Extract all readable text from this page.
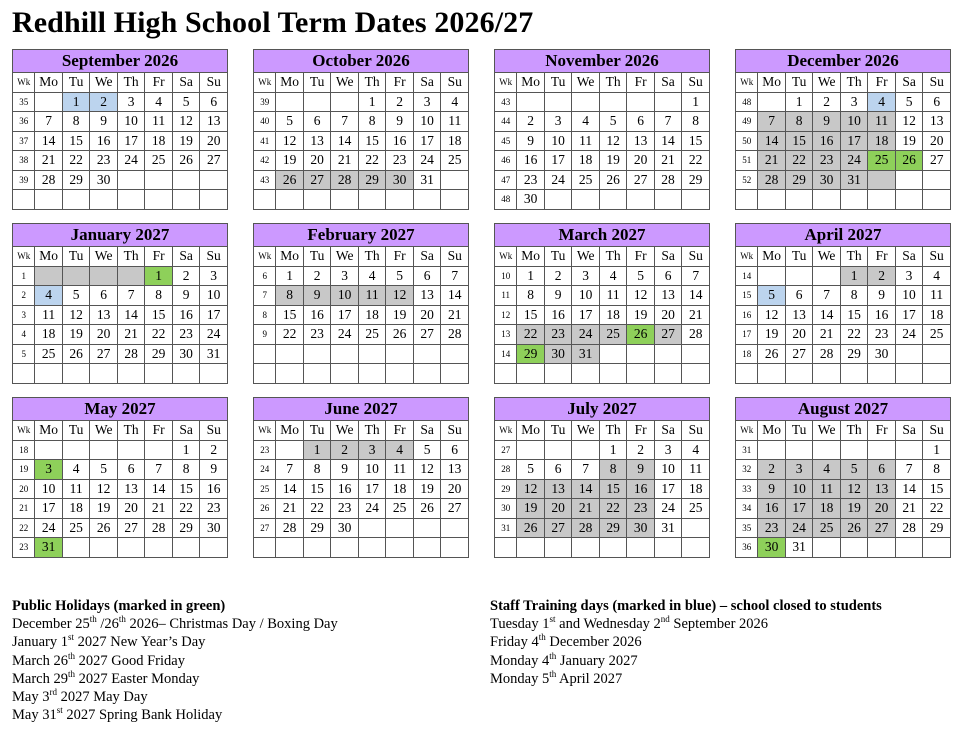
Redhill High School Term Dates 2026/27
September 2026							
Wk	Mo	Tu	We	Th	Fr	Sa	Su
35		1	2	3	4	5	6
36	7	8	9	10	11	12	13
37	14	15	16	17	18	19	20
38	21	22	23	24	25	26	27
39	28	29	30				

October 2026							
Wk	Mo	Tu	We	Th	Fr	Sa	Su
39				1	2	3	4
40	5	6	7	8	9	10	11
41	12	13	14	15	16	17	18
42	19	20	21	22	23	24	25
43	26	27	28	29	30	31	

November 2026							
Wk	Mo	Tu	We	Th	Fr	Sa	Su
43							1
44	2	3	4	5	6	7	8
45	9	10	11	12	13	14	15
46	16	17	18	19	20	21	22
47	23	24	25	26	27	28	29
48	30						
December 2026							
Wk	Mo	Tu	We	Th	Fr	Sa	Su
48		1	2	3	4	5	6
49	7	8	9	10	11	12	13
50	14	15	16	17	18	19	20
51	21	22	23	24	25	26	27
52	28	29	30	31			

January 2027							
Wk	Mo	Tu	We	Th	Fr	Sa	Su
1					1	2	3
2	4	5	6	7	8	9	10
3	11	12	13	14	15	16	17
4	18	19	20	21	22	23	24
5	25	26	27	28	29	30	31

February 2027							
Wk	Mo	Tu	We	Th	Fr	Sa	Su
6	1	2	3	4	5	6	7
7	8	9	10	11	12	13	14
8	15	16	17	18	19	20	21
9	22	23	24	25	26	27	28

March 2027							
Wk	Mo	Tu	We	Th	Fr	Sa	Su
10	1	2	3	4	5	6	7
11	8	9	10	11	12	13	14
12	15	16	17	18	19	20	21
13	22	23	24	25	26	27	28
14	29	30	31				

April 2027							
Wk	Mo	Tu	We	Th	Fr	Sa	Su
14				1	2	3	4
15	5	6	7	8	9	10	11
16	12	13	14	15	16	17	18
17	19	20	21	22	23	24	25
18	26	27	28	29	30		

May 2027							
Wk	Mo	Tu	We	Th	Fr	Sa	Su
18						1	2
19	3	4	5	6	7	8	9
20	10	11	12	13	14	15	16
21	17	18	19	20	21	22	23
22	24	25	26	27	28	29	30
23	31						
June 2027							
Wk	Mo	Tu	We	Th	Fr	Sa	Su
23		1	2	3	4	5	6
24	7	8	9	10	11	12	13
25	14	15	16	17	18	19	20
26	21	22	23	24	25	26	27
27	28	29	30				

July 2027							
Wk	Mo	Tu	We	Th	Fr	Sa	Su
27				1	2	3	4
28	5	6	7	8	9	10	11
29	12	13	14	15	16	17	18
30	19	20	21	22	23	24	25
31	26	27	28	29	30	31	

August 2027							
Wk	Mo	Tu	We	Th	Fr	Sa	Su
31							1
32	2	3	4	5	6	7	8
33	9	10	11	12	13	14	15
34	16	17	18	19	20	21	22
35	23	24	25	26	27	28	29
36	30	31					
Public Holidays (marked in green)

December 25th /26th 2026– Christmas Day / Boxing Day

January 1st 2027 New Year’s Day

March 26th 2027 Good Friday

March 29th 2027 Easter Monday

May 3rd 2027 May Day

May 31st 2027 Spring Bank Holiday

Staff Training days (marked in blue) – school closed to students

Tuesday 1st and Wednesday 2nd September 2026

Friday 4th December 2026

Monday 4th January 2027

Monday 5th April 2027
